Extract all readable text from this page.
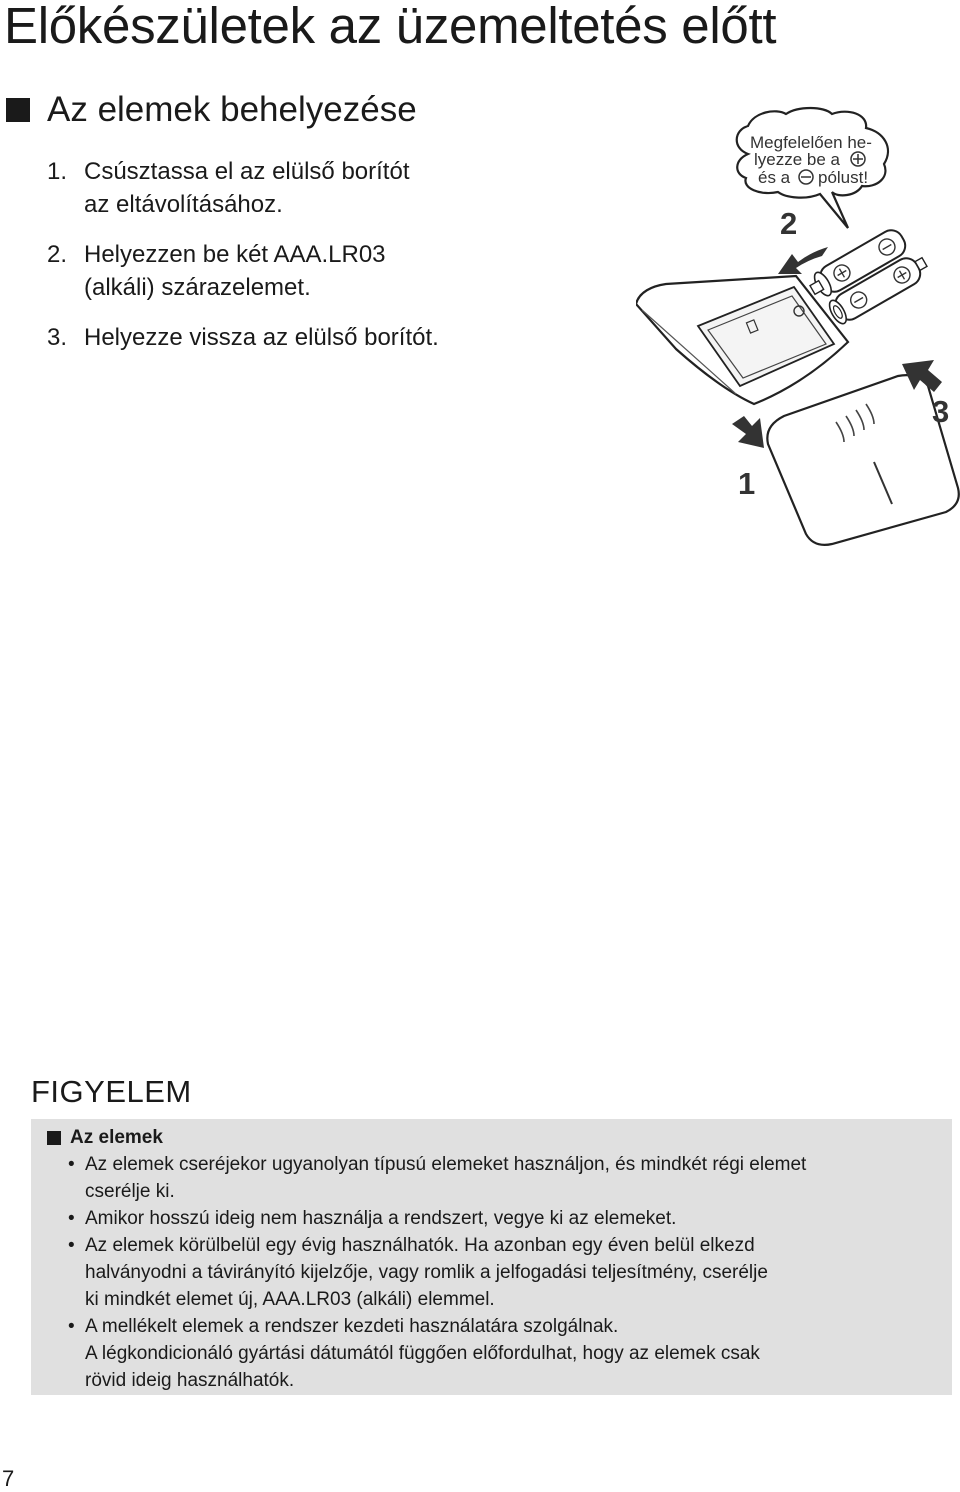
Előkészületek az üzemeltetés előtt
Az elemek behelyezése
1. Csúsztassa el az elülső borítót
az eltávolításához.
2. Helyezzen be két AAA.LR03
(alkáli) szárazelemet.
3. Helyezze vissza az elülső borítót.
Megfelelően he-
lyezze be a
és a pólust!
2
1
3
FIGYELEM
Az elemek
• Az elemek cseréjekor ugyanolyan típusú elemeket használjon, és mindkét régi elemet
cserélje ki.
• Amikor hosszú ideig nem használja a rendszert, vegye ki az elemeket.
• Az elemek körülbelül egy évig használhatók. Ha azonban egy éven belül elkezd
halványodni a távirányító kijelzője, vagy romlik a jelfogadási teljesítmény, cserélje
ki mindkét elemet új, AAA.LR03 (alkáli) elemmel.
• A mellékelt elemek a rendszer kezdeti használatára szolgálnak.
A légkondicionáló gyártási dátumától függően előfordulhat, hogy az elemek csak
rövid ideig használhatók.
7
